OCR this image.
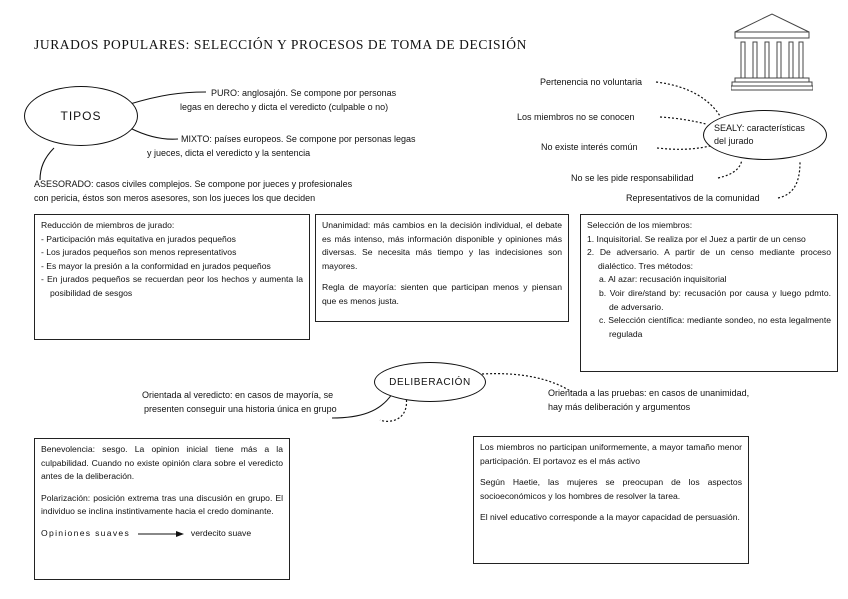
JURADOS POPULARES: SELECCIÓN Y PROCESOS DE TOMA DE DECISIÓN
TIPOS
PURO: anglosajón. Se compone por personas
legas en derecho y dicta el veredicto (culpable o no)
MIXTO: países europeos. Se compone por personas legas
y jueces, dicta el veredicto y la sentencia
ASESORADO: casos civiles complejos. Se compone por jueces y profesionales
con pericia, éstos son meros asesores, son los jueces los que deciden
SEALY: características
del jurado
Pertenencia no voluntaria
Los miembros no se conocen
No existe interés común
No se les pide responsabilidad
Representativos de la comunidad

Reducción de miembros de jurado:

- Participación más equitativa en jurados pequeños
- Los jurados pequeños son menos representativos
- Es mayor la presión a la conformidad en jurados pequeños
- En jurados pequeños se recuerdan peor los hechos y aumenta la posibilidad de sesgos

Unanimidad: más cambios en la decisión individual, el debate es más intenso, más información disponible y opiniones más diversas. Se necesita más tiempo y las indecisiones son mayores.

Regla de mayoría: sienten que participan menos y piensan que es menos justa.

Selección de los miembros:

1. Inquisitorial. Se realiza por el Juez a partir de un censo

2. De adversario. A partir de un censo mediante proceso dialéctico. Tres métodos:

a. Al azar: recusación inquisitorial

b. Voir dire/stand by: recusación por causa y luego pdmto. de adversario.

c. Selección científica: mediante sondeo, no esta legalmente regulada

DELIBERACIÓN
Orientada al veredicto: en casos de mayoría, se
presenten conseguir una historia única en grupo
Orientada a las pruebas: en casos de unanimidad,
hay más deliberación y argumentos

Benevolencia: sesgo. La opinion inicial tiene más a la culpabilidad. Cuando no existe opinión clara sobre el veredicto antes de la deliberación.

Polarización: posición extrema tras una discusión en grupo. El individuo se inclina instintivamente hacia el credo dominante.

Opiniones suaves	verdecito suave

Los miembros no participan uniformemente, a mayor tamaño menor participación. El portavoz es el más activo

Según Haetie, las mujeres se preocupan de los aspectos socioeconómicos y los hombres de resolver la tarea.

El nivel educativo corresponde a la mayor capacidad de persuasión.
